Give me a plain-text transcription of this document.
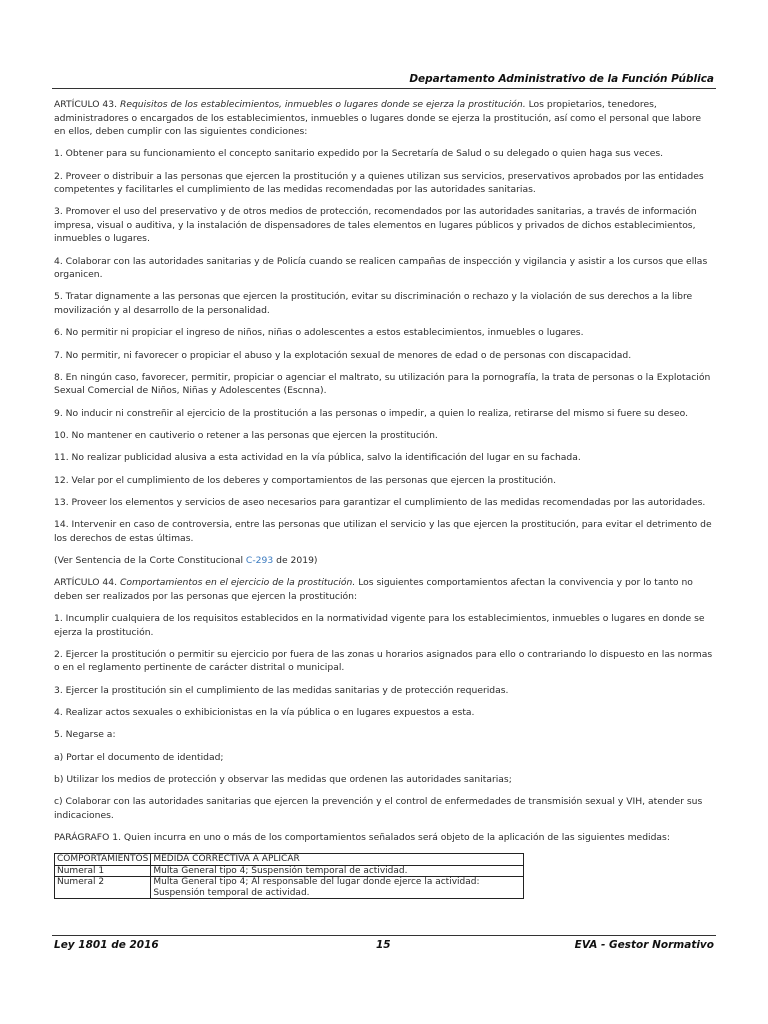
Departamento Administrativo de la Función Pública

ARTÍCULO 43. Requisitos de los establecimientos, inmuebles o lugares donde se ejerza la prostitución. Los propietarios, tenedores, administradores o encargados de los establecimientos, inmuebles o lugares donde se ejerza la prostitución, así como el personal que labore en ellos, deben cumplir con las siguientes condiciones:

1. Obtener para su funcionamiento el concepto sanitario expedido por la Secretaría de Salud o su delegado o quien haga sus veces.

2. Proveer o distribuir a las personas que ejercen la prostitución y a quienes utilizan sus servicios, preservativos aprobados por las entidades competentes y facilitarles el cumplimiento de las medidas recomendadas por las autoridades sanitarias.

3. Promover el uso del preservativo y de otros medios de protección, recomendados por las autoridades sanitarias, a través de información impresa, visual o auditiva, y la instalación de dispensadores de tales elementos en lugares públicos y privados de dichos establecimientos, inmuebles o lugares.

4. Colaborar con las autoridades sanitarias y de Policía cuando se realicen campañas de inspección y vigilancia y asistir a los cursos que ellas organicen.

5. Tratar dignamente a las personas que ejercen la prostitución, evitar su discriminación o rechazo y la violación de sus derechos a la libre movilización y al desarrollo de la personalidad.

6. No permitir ni propiciar el ingreso de niños, niñas o adolescentes a estos establecimientos, inmuebles o lugares.

7. No permitir, ni favorecer o propiciar el abuso y la explotación sexual de menores de edad o de personas con discapacidad.

8. En ningún caso, favorecer, permitir, propiciar o agenciar el maltrato, su utilización para la pornografía, la trata de personas o la Explotación Sexual Comercial de Niños, Niñas y Adolescentes (Escnna).

9. No inducir ni constreñir al ejercicio de la prostitución a las personas o impedir, a quien lo realiza, retirarse del mismo si fuere su deseo.

10. No mantener en cautiverio o retener a las personas que ejercen la prostitución.

11. No realizar publicidad alusiva a esta actividad en la vía pública, salvo la identificación del lugar en su fachada.

12. Velar por el cumplimiento de los deberes y comportamientos de las personas que ejercen la prostitución.

13. Proveer los elementos y servicios de aseo necesarios para garantizar el cumplimiento de las medidas recomendadas por las autoridades.

14. Intervenir en caso de controversia, entre las personas que utilizan el servicio y las que ejercen la prostitución, para evitar el detrimento de los derechos de estas últimas.

(Ver Sentencia de la Corte Constitucional C-293 de 2019)

ARTÍCULO 44. Comportamientos en el ejercicio de la prostitución. Los siguientes comportamientos afectan la convivencia y por lo tanto no deben ser realizados por las personas que ejercen la prostitución:

1. Incumplir cualquiera de los requisitos establecidos en la normatividad vigente para los establecimientos, inmuebles o lugares en donde se ejerza la prostitución.

2. Ejercer la prostitución o permitir su ejercicio por fuera de las zonas u horarios asignados para ello o contrariando lo dispuesto en las normas o en el reglamento pertinente de carácter distrital o municipal.

3. Ejercer la prostitución sin el cumplimiento de las medidas sanitarias y de protección requeridas.

4. Realizar actos sexuales o exhibicionistas en la vía pública o en lugares expuestos a esta.

5. Negarse a:

a) Portar el documento de identidad;

b) Utilizar los medios de protección y observar las medidas que ordenen las autoridades sanitarias;

c) Colaborar con las autoridades sanitarias que ejercen la prevención y el control de enfermedades de transmisión sexual y VIH, atender sus indicaciones.

PARÁGRAFO 1. Quien incurra en uno o más de los comportamientos señalados será objeto de la aplicación de las siguientes medidas:

COMPORTAMIENTOS	MEDIDA CORRECTIVA A APLICAR
Numeral 1	Multa General tipo 4; Suspensión temporal de actividad.
Numeral 2	Multa General tipo 4; Al responsable del lugar donde ejerce la actividad: Suspensión temporal de actividad.
Ley 1801 de 2016	15	EVA - Gestor Normativo
